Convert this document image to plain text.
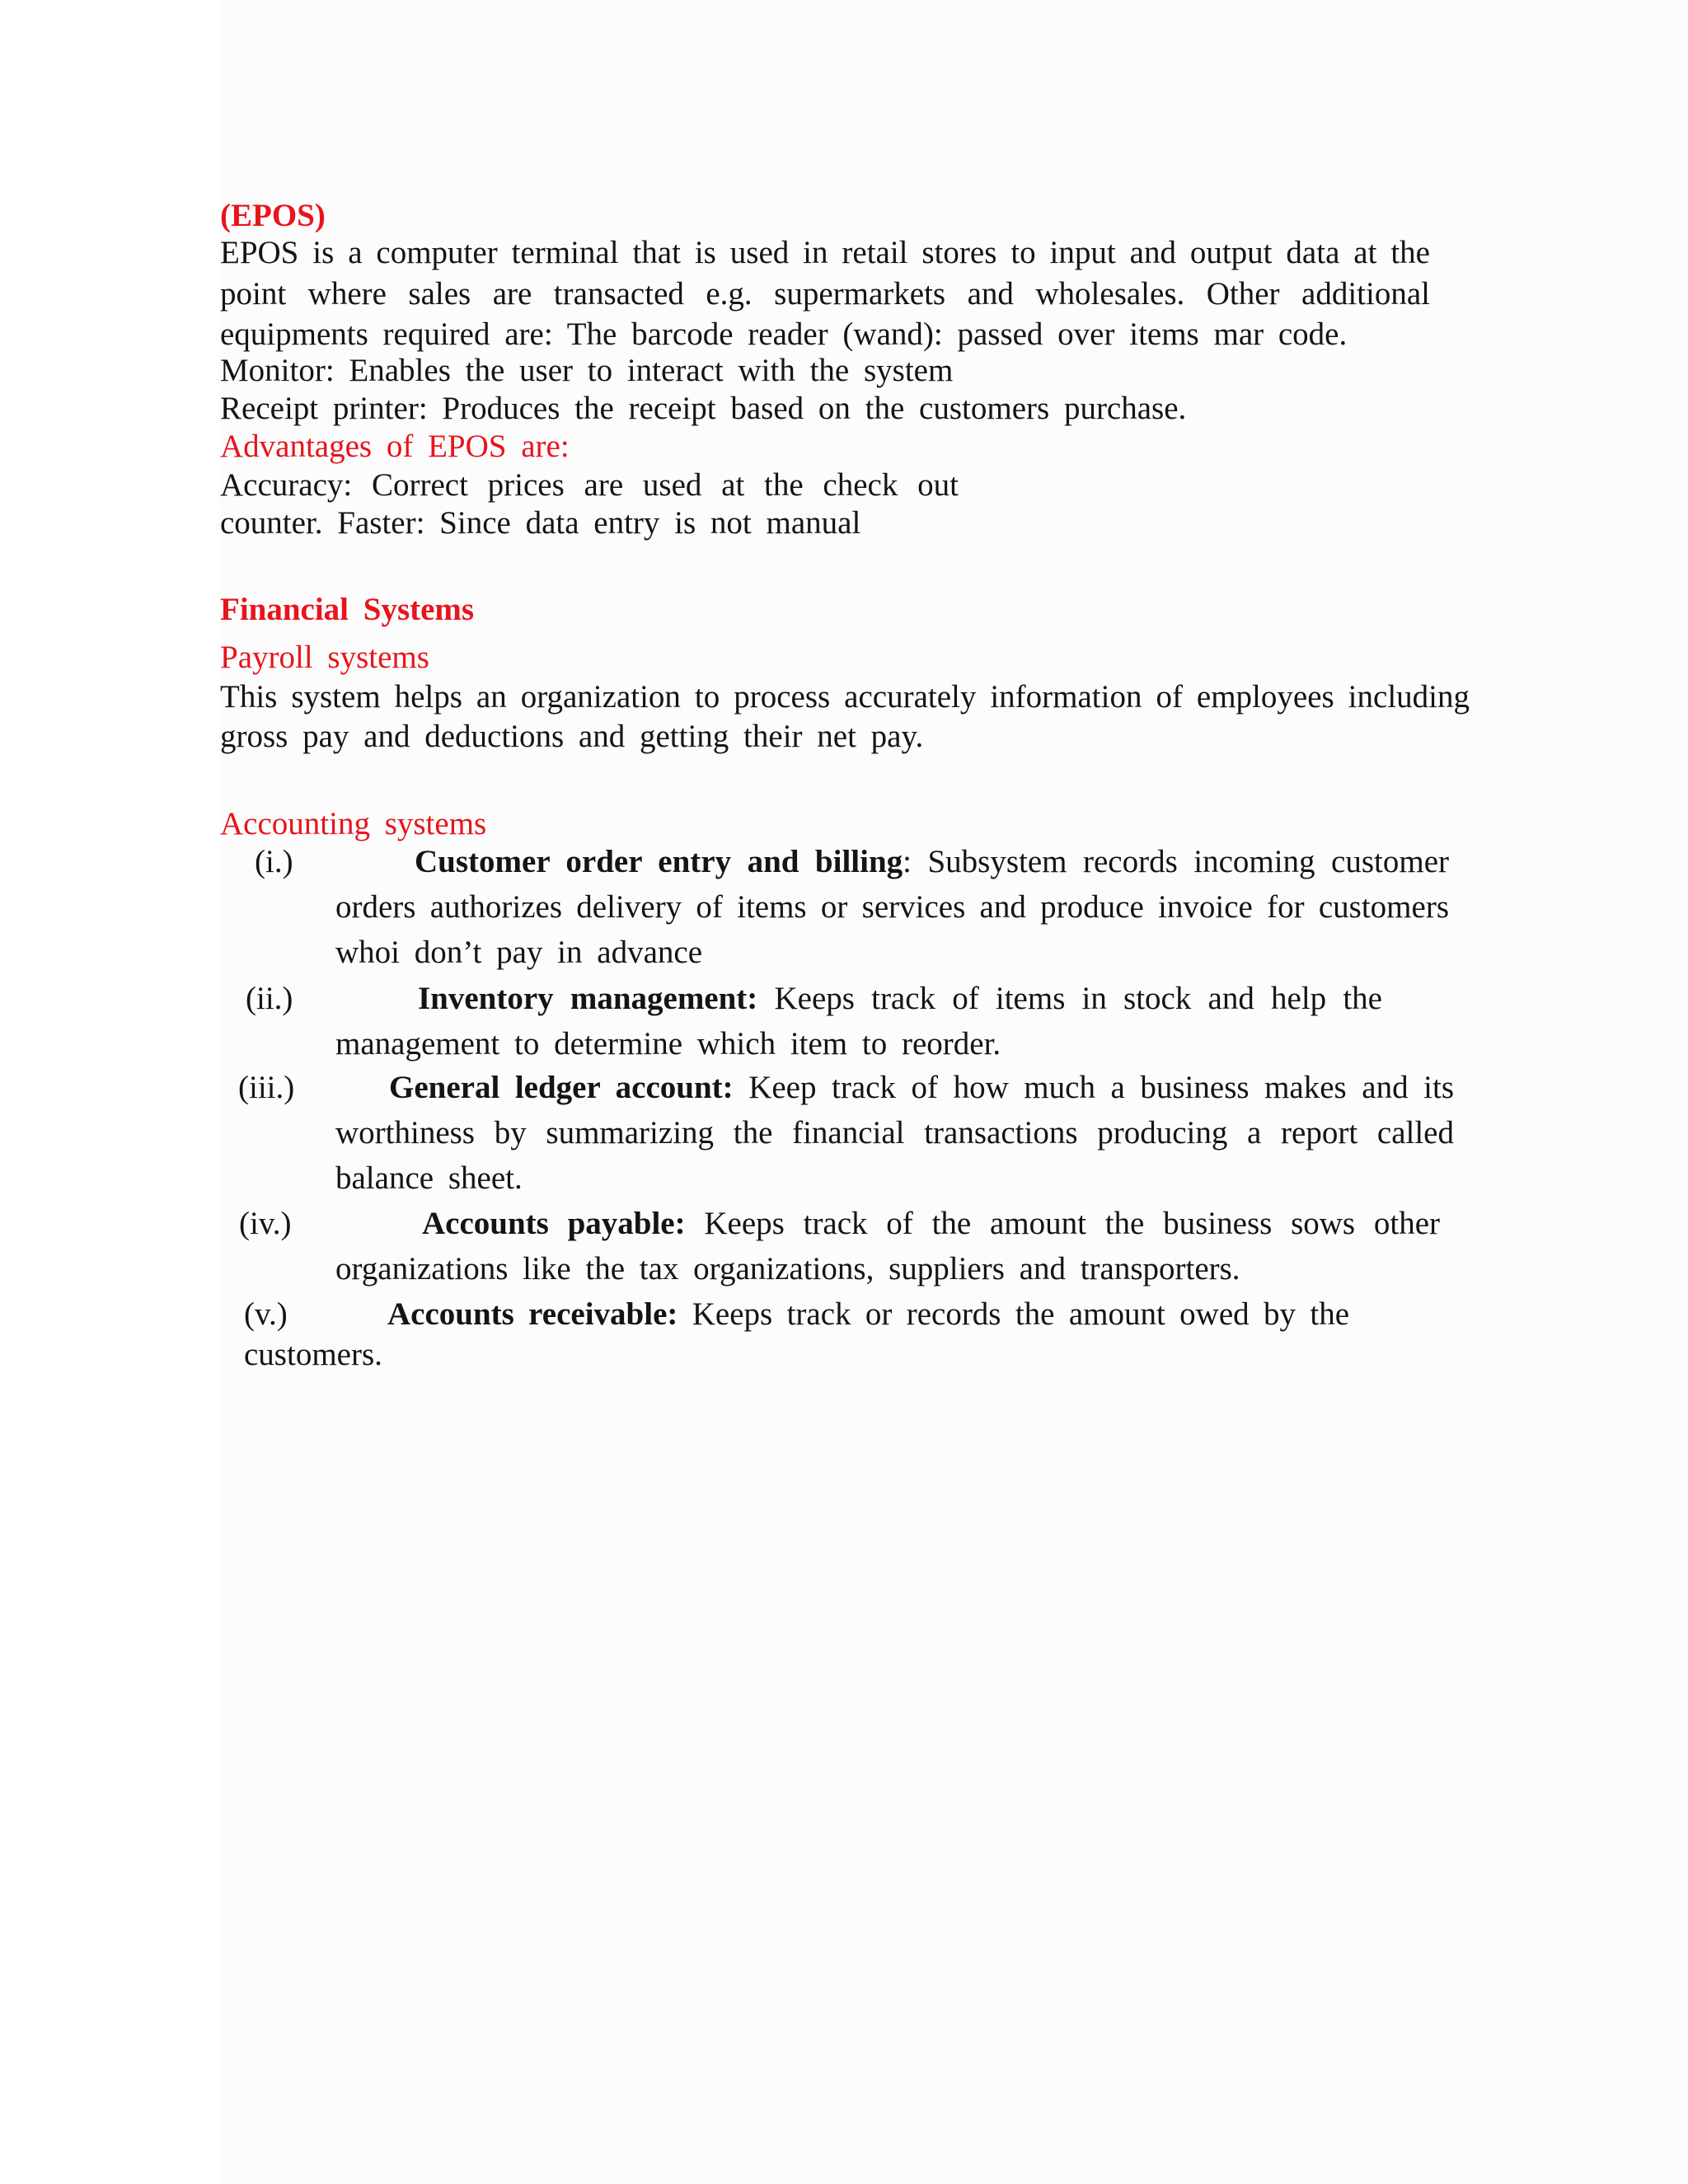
(EPOS)
EPOS is a computer terminal that is used in retail stores to input and output data at the
point where sales are transacted e.g. supermarkets and wholesales. Other additional
equipments required are: The barcode reader (wand): passed over items mar code.
Monitor: Enables the user to interact with the system
Receipt printer: Produces the receipt based on the customers purchase.
Advantages of EPOS are:
Accuracy: Correct prices are used at the check out
counter. Faster: Since data entry is not manual
Financial Systems
Payroll systems
This system helps an organization to process accurately information of employees including
gross pay and deductions and getting their net pay.
Accounting systems
(i.)	Customer order entry and billing: Subsystem records incoming customer
orders authorizes delivery of items or services and produce invoice for customers
whoi don’t pay in advance
(ii.)	Inventory management: Keeps track of items in stock and help the
management to determine which item to reorder.
(iii.)	General ledger account: Keep track of how much a business makes and its
worthiness by summarizing the financial transactions producing a report called
balance sheet.
(iv.)	Accounts payable: Keeps track of the amount the business sows other
organizations like the tax organizations, suppliers and transporters.
(v.)	Accounts receivable: Keeps track or records the amount owed by the
customers.
